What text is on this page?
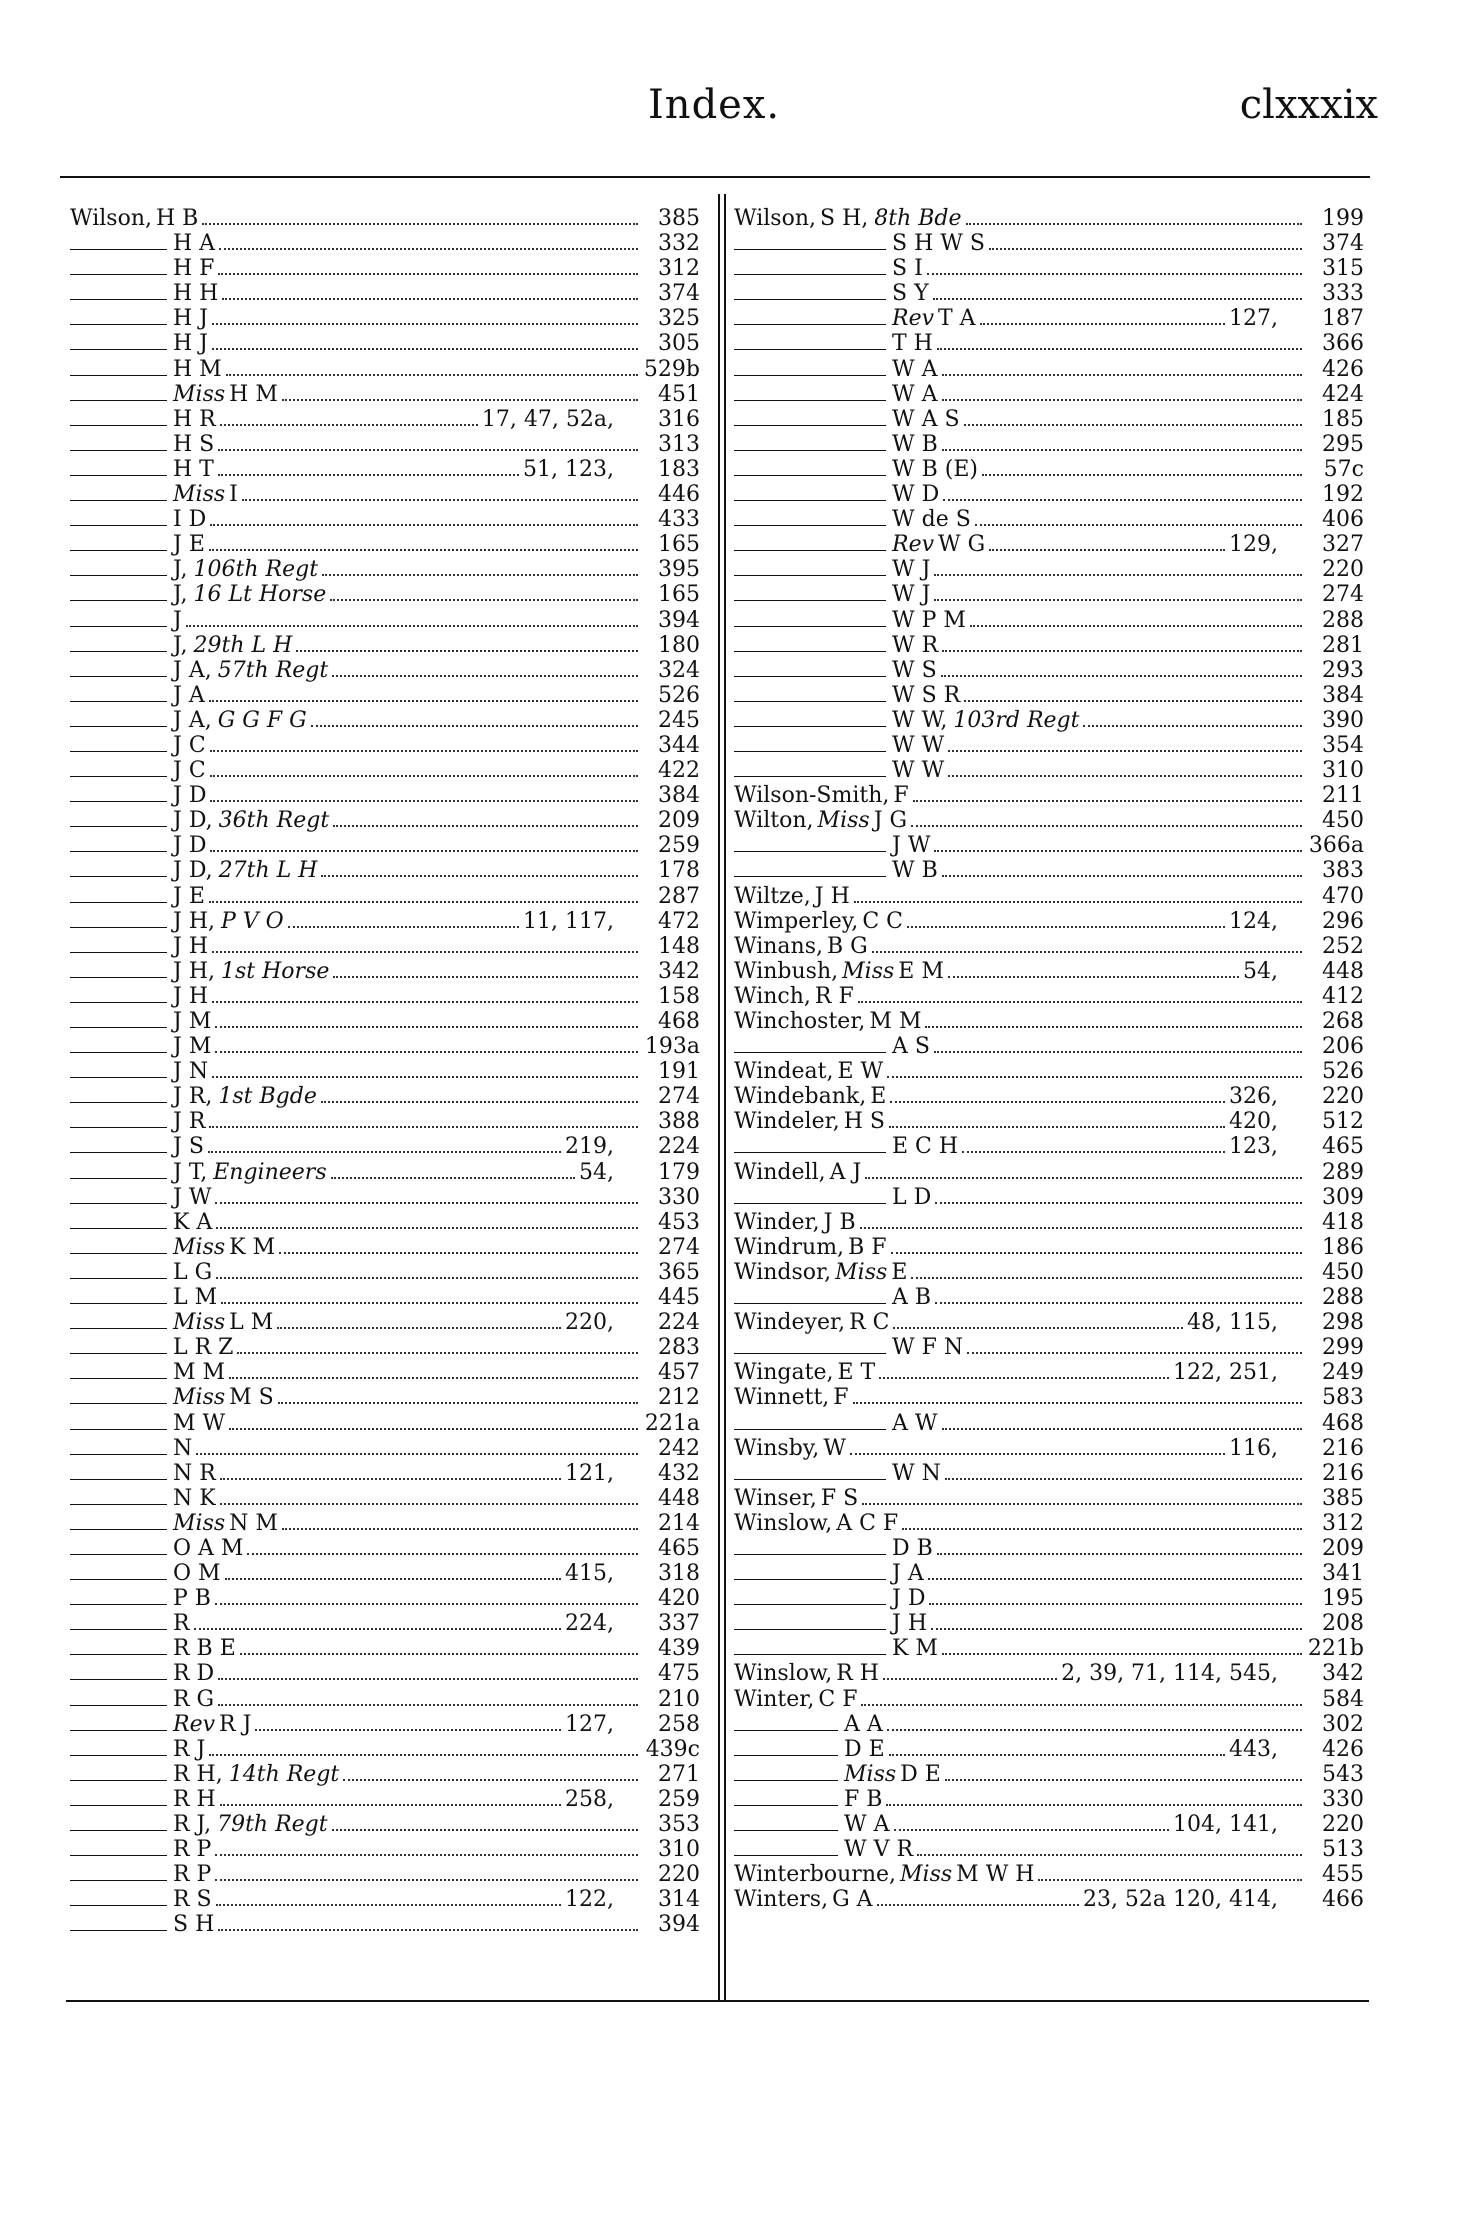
Index.	clxxxix
Wilson, H B	385
H A	332
H F	312
H H	374
H J	325
H J	305
H M	529b
Miss H M	451
H R	17, 47, 52a,	316
H S	313
H T	51, 123,	183
Miss I	446
I D	433
J E	165
J, 106th Regt	395
J, 16 Lt Horse	165
J	394
J, 29th L H	180
J A, 57th Regt	324
J A	526
J A, G G F G	245
J C	344
J C	422
J D	384
J D, 36th Regt	209
J D	259
J D, 27th L H	178
J E	287
J H, P V O	11, 117,	472
J H	148
J H, 1st Horse	342
J H	158
J M	468
J M	193a
J N	191
J R, 1st Bgde	274
J R	388
J S	219,	224
J T, Engineers	54,	179
J W	330
K A	453
Miss K M	274
L G	365
L M	445
Miss L M	220,	224
L R Z	283
M M	457
Miss M S	212
M W	221a
N	242
N R	121,	432
N K	448
Miss N M	214
O A M	465
O M	415,	318
P B	420
R	224,	337
R B E	439
R D	475
R G	210
Rev R J	127,	258
R J	439c
R H, 14th Regt	271
R H	258,	259
R J, 79th Regt	353
R P	310
R P	220
R S	122,	314
S H	394
Wilson, S H, 8th Bde	199
S H W S	374
S I	315
S Y	333
Rev T A	127,	187
T H	366
W A	426
W A	424
W A S	185
W B	295
W B (E)	57c
W D	192
W de S	406
Rev W G	129,	327
W J	220
W J	274
W P M	288
W R	281
W S	293
W S R	384
W W, 103rd Regt	390
W W	354
W W	310
Wilson-Smith, F	211
Wilton, Miss J G	450
J W	366a
W B	383
Wiltze, J H	470
Wimperley, C C	124,	296
Winans, B G	252
Winbush, Miss E M	54,	448
Winch, R F	412
Winchoster, M M	268
A S	206
Windeat, E W	526
Windebank, E	326,	220
Windeler, H S	420,	512
E C H	123,	465
Windell, A J	289
L D	309
Winder, J B	418
Windrum, B F	186
Windsor, Miss E	450
A B	288
Windeyer, R C	48, 115,	298
W F N	299
Wingate, E T	122, 251,	249
Winnett, F	583
A W	468
Winsby, W	116,	216
W N	216
Winser, F S	385
Winslow, A C F	312
D B	209
J A	341
J D	195
J H	208
K M	221b
Winslow, R H	2, 39, 71, 114, 545,	342
Winter, C F	584
A A	302
D E	443,	426
Miss D E	543
F B	330
W A	104, 141,	220
W V R	513
Winterbourne, Miss M W H	455
Winters, G A	23, 52a 120, 414,	466
